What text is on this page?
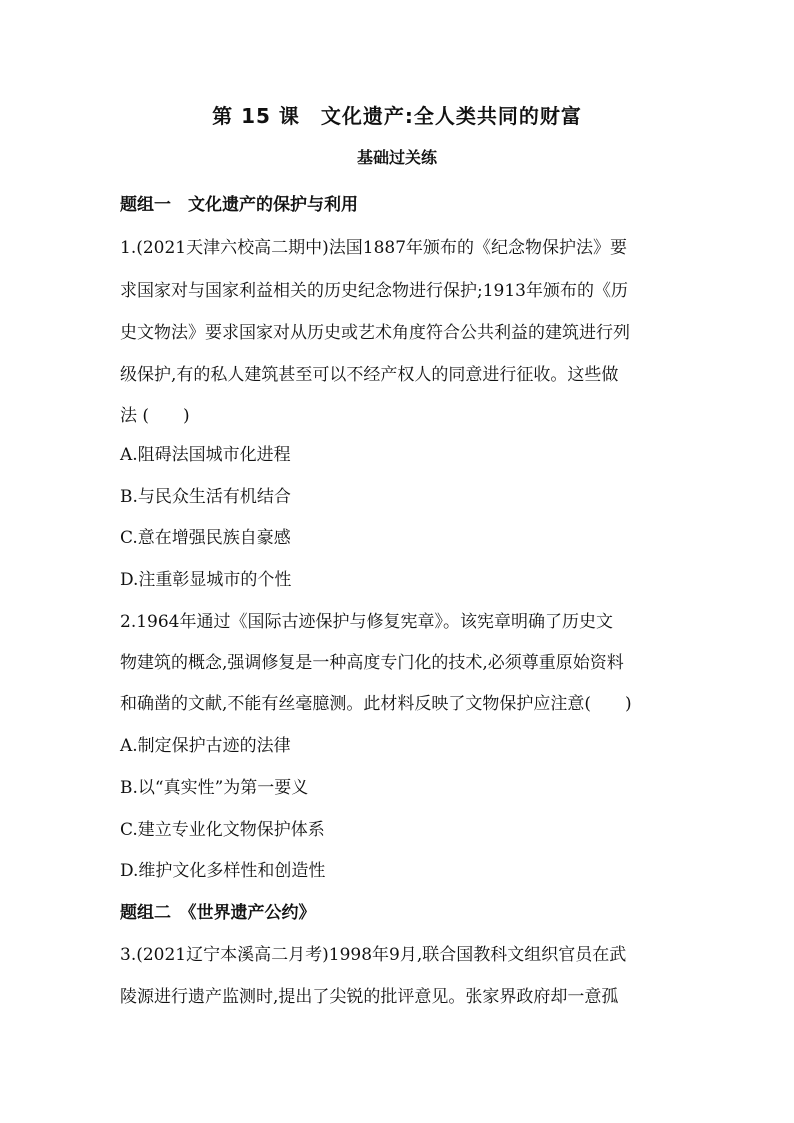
第 15 课　文化遗产:全人类共同的财富
基础过关练
题组一　文化遗产的保护与利用
1.(2021天津六校高二期中)法国1887年颁布的《纪念物保护法》要
求国家对与国家利益相关的历史纪念物进行保护;1913年颁布的《历
史文物法》要求国家对从历史或艺术角度符合公共利益的建筑进行列
级保护,有的私人建筑甚至可以不经产权人的同意进行征收。这些做
法 (　　)
A.阻碍法国城市化进程
B.与民众生活有机结合
C.意在增强民族自豪感
D.注重彰显城市的个性
2.1964年通过《国际古迹保护与修复宪章》。该宪章明确了历史文
物建筑的概念,强调修复是一种高度专门化的技术,必须尊重原始资料
和确凿的文献,不能有丝毫臆测。此材料反映了文物保护应注意(　　)
A.制定保护古迹的法律
B.以“真实性”为第一要义
C.建立专业化文物保护体系
D.维护文化多样性和创造性
题组二　《世界遗产公约》
3.(2021辽宁本溪高二月考)1998年9月,联合国教科文组织官员在武
陵源进行遗产监测时,提出了尖锐的批评意见。张家界政府却一意孤
